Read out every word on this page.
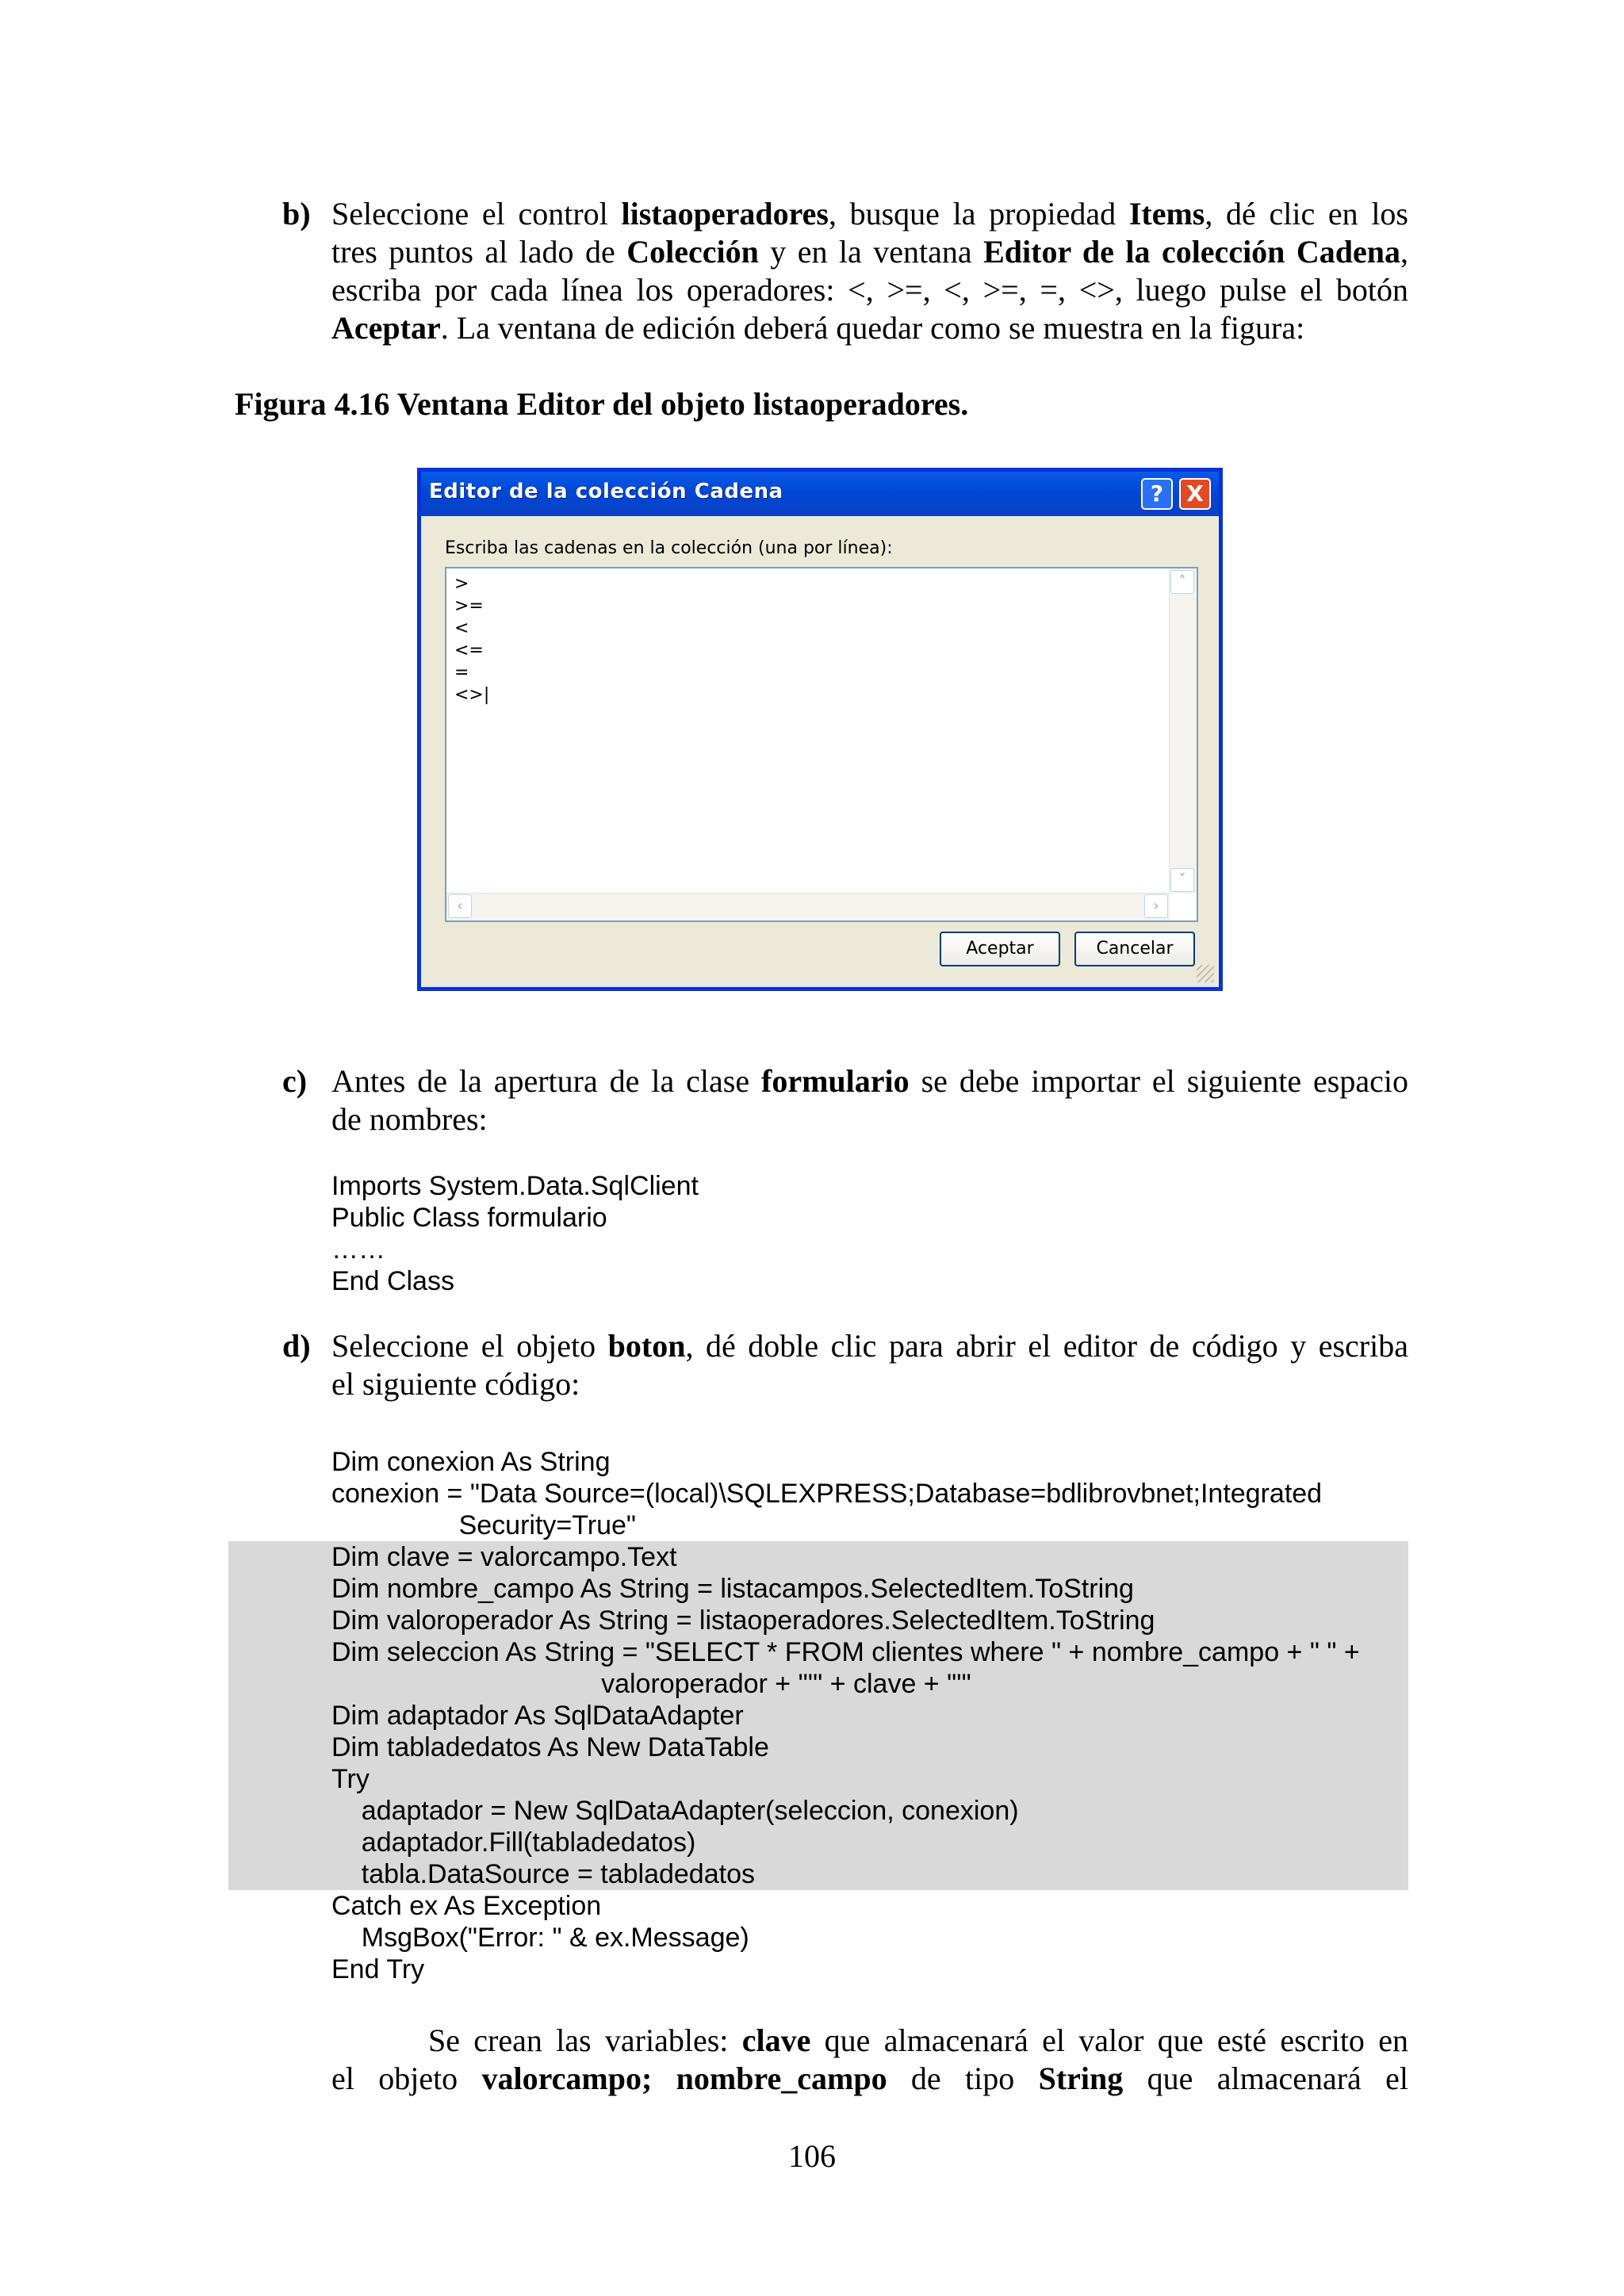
b) Seleccione el control listaoperadores, busque la propiedad Items, dé clic en los
tres puntos al lado de Colección y en la ventana Editor de la colección Cadena,
escriba por cada línea los operadores: <, >=, <, >=, =, <>, luego pulse el botón
Aceptar. La ventana de edición deberá quedar como se muestra en la figura:
Figura 4.16 Ventana Editor del objeto listaoperadores.
Editor de la colección Cadena	?	X
Escriba las cadenas en la colección (una por línea):
>
>=
<
<=
=
<>|
˄
˅
‹	›
Aceptar	Cancelar
c) Antes de la apertura de la clase formulario se debe importar el siguiente espacio
de nombres:
Imports System.Data.SqlClient
Public Class formulario
……
End Class
d) Seleccione el objeto boton, dé doble clic para abrir el editor de código y escriba
el siguiente código:
Dim conexion As String
conexion = "Data Source=(local)\SQLEXPRESS;Database=bdlibrovbnet;Integrated
Security=True"
Dim clave = valorcampo.Text
Dim nombre_campo As String = listacampos.SelectedItem.ToString
Dim valoroperador As String = listaoperadores.SelectedItem.ToString
Dim seleccion As String = "SELECT * FROM clientes where " + nombre_campo + " " +
valoroperador + "'" + clave + "'"
Dim adaptador As SqlDataAdapter
Dim tabladedatos As New DataTable
Try
adaptador = New SqlDataAdapter(seleccion, conexion)
adaptador.Fill(tabladedatos)
tabla.DataSource = tabladedatos
Catch ex As Exception
MsgBox("Error: " & ex.Message)
End Try
Se crean las variables: clave que almacenará el valor que esté escrito en
el objeto valorcampo; nombre_campo de tipo String que almacenará el
106
